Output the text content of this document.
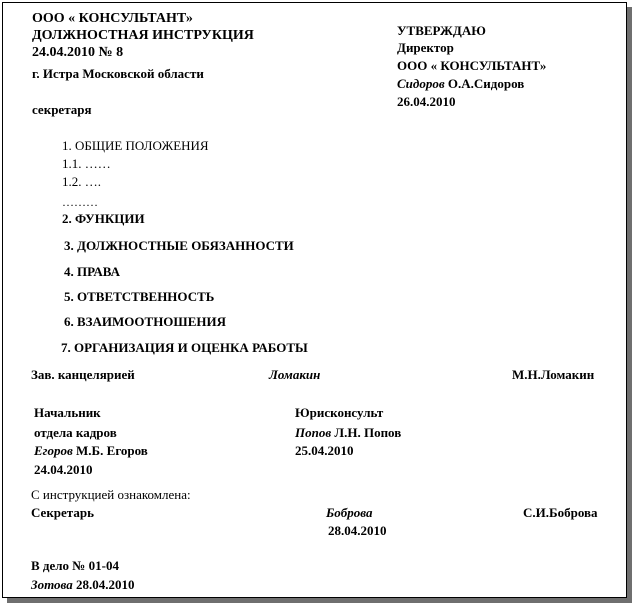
ООО « КОНСУЛЬТАНТ»
ДОЛЖНОСТНАЯ ИНСТРУКЦИЯ
24.04.2010 № 8
г. Истра Московской области
секретаря
УТВЕРЖДАЮ
Директор
ООО « КОНСУЛЬТАНТ»
Сидоров О.А.Сидоров
26.04.2010
1. ОБЩИЕ ПОЛОЖЕНИЯ
1.1. ……
1.2. ….
………
2. ФУНКЦИИ
3. ДОЛЖНОСТНЫЕ ОБЯЗАННОСТИ
4. ПРАВА
5. ОТВЕТСТВЕННОСТЬ
6. ВЗАИМООТНОШЕНИЯ
7. ОРГАНИЗАЦИЯ И ОЦЕНКА РАБОТЫ
Зав. канцелярией	Ломакин	М.Н.Ломакин
Начальник
отдела кадров
Егоров М.Б. Егоров
24.04.2010
Юрисконсульт
Попов Л.Н. Попов
25.04.2010
С инструкцией ознакомлена:
Секретарь	Боброва	С.И.Боброва
28.04.2010
В дело № 01-04
Зотова 28.04.2010
